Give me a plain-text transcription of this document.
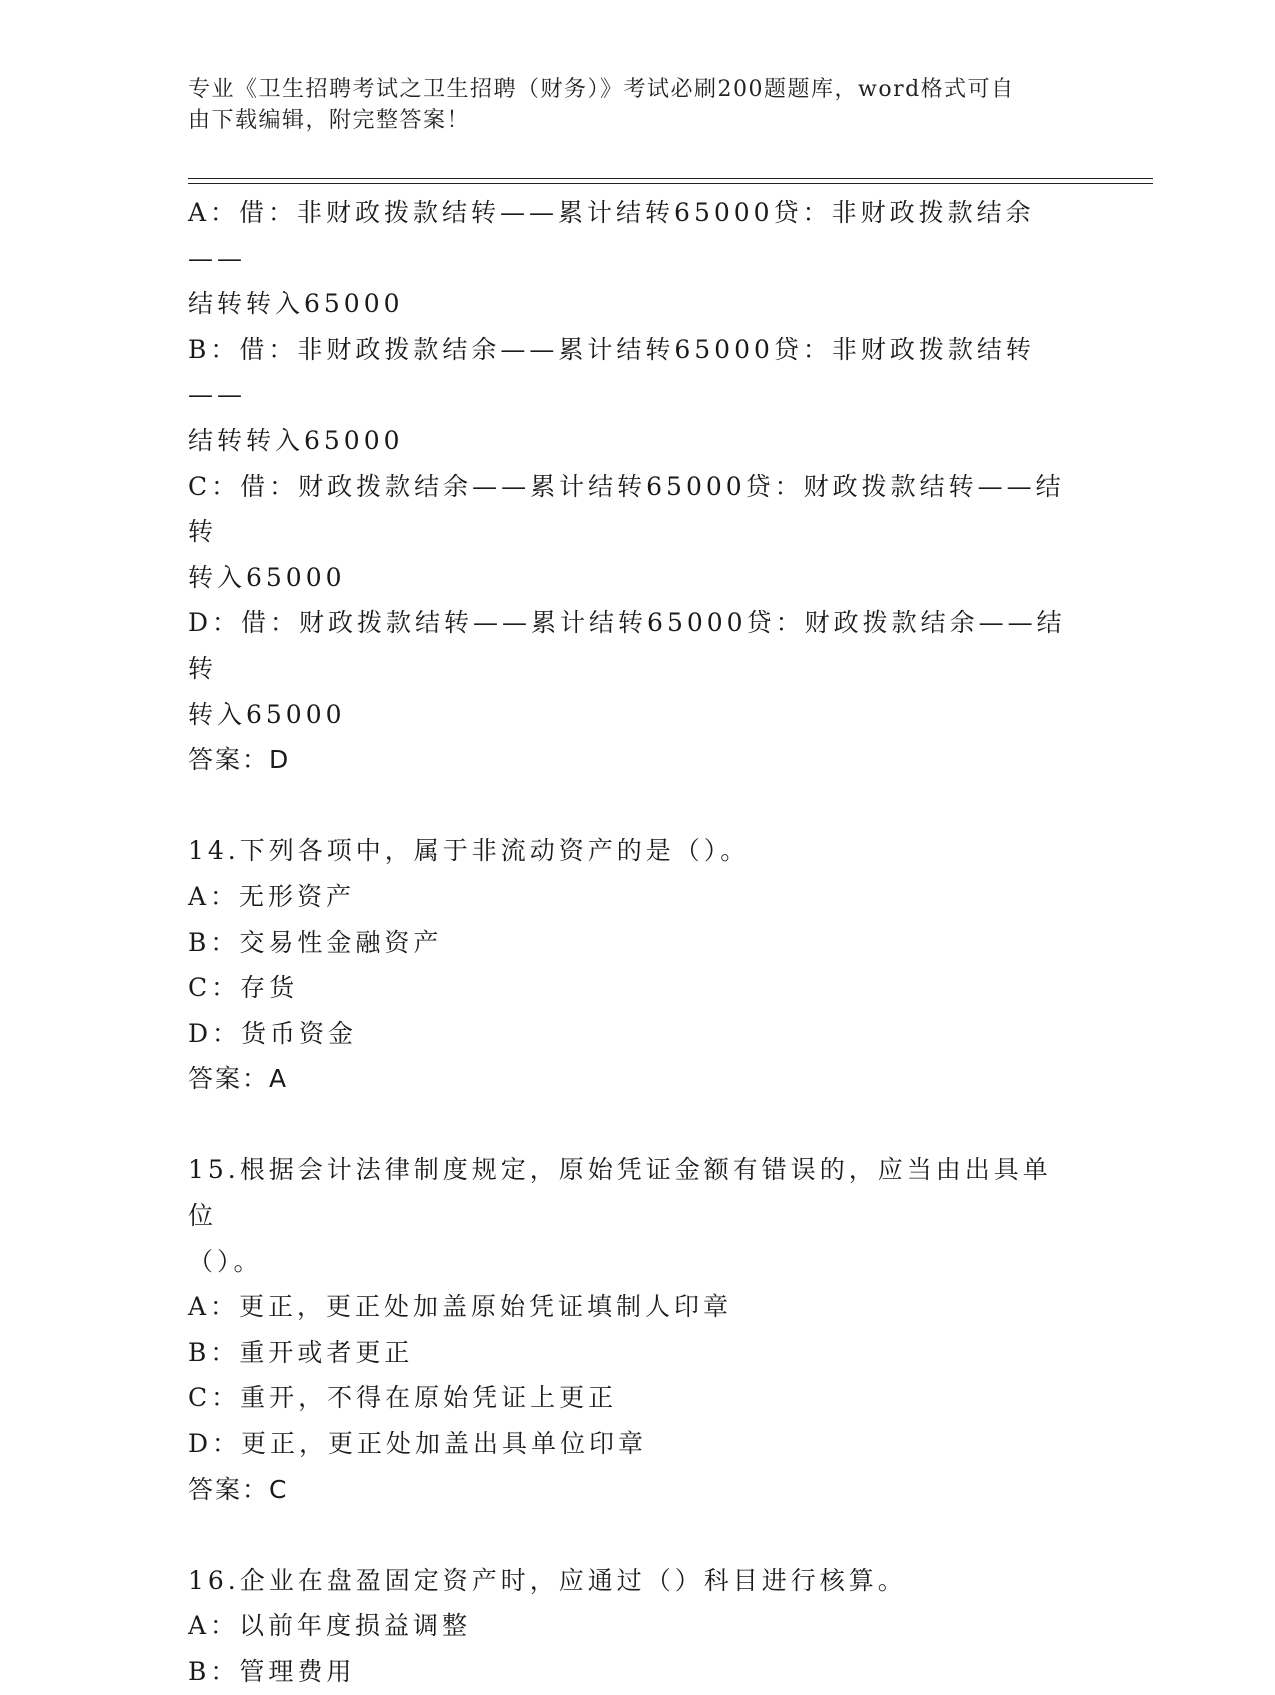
专业《卫生招聘考试之卫生招聘（财务）》考试必刷200题题库，word格式可自
由下载编辑，附完整答案！
A：借：非财政拨款结转——累计结转65000贷：非财政拨款结余——
结转转入65000
B：借：非财政拨款结余——累计结转65000贷：非财政拨款结转——
结转转入65000
C：借：财政拨款结余——累计结转65000贷：财政拨款结转——结转
转入65000
D：借：财政拨款结转——累计结转65000贷：财政拨款结余——结转
转入65000
答案：D
14.下列各项中，属于非流动资产的是（）。
A：无形资产
B：交易性金融资产
C：存货
D：货币资金
答案：A
15.根据会计法律制度规定，原始凭证金额有错误的，应当由出具单位
（）。
A：更正，更正处加盖原始凭证填制人印章
B：重开或者更正
C：重开，不得在原始凭证上更正
D：更正，更正处加盖出具单位印章
答案：C
16.企业在盘盈固定资产时，应通过（）科目进行核算。
A：以前年度损益调整
B：管理费用
